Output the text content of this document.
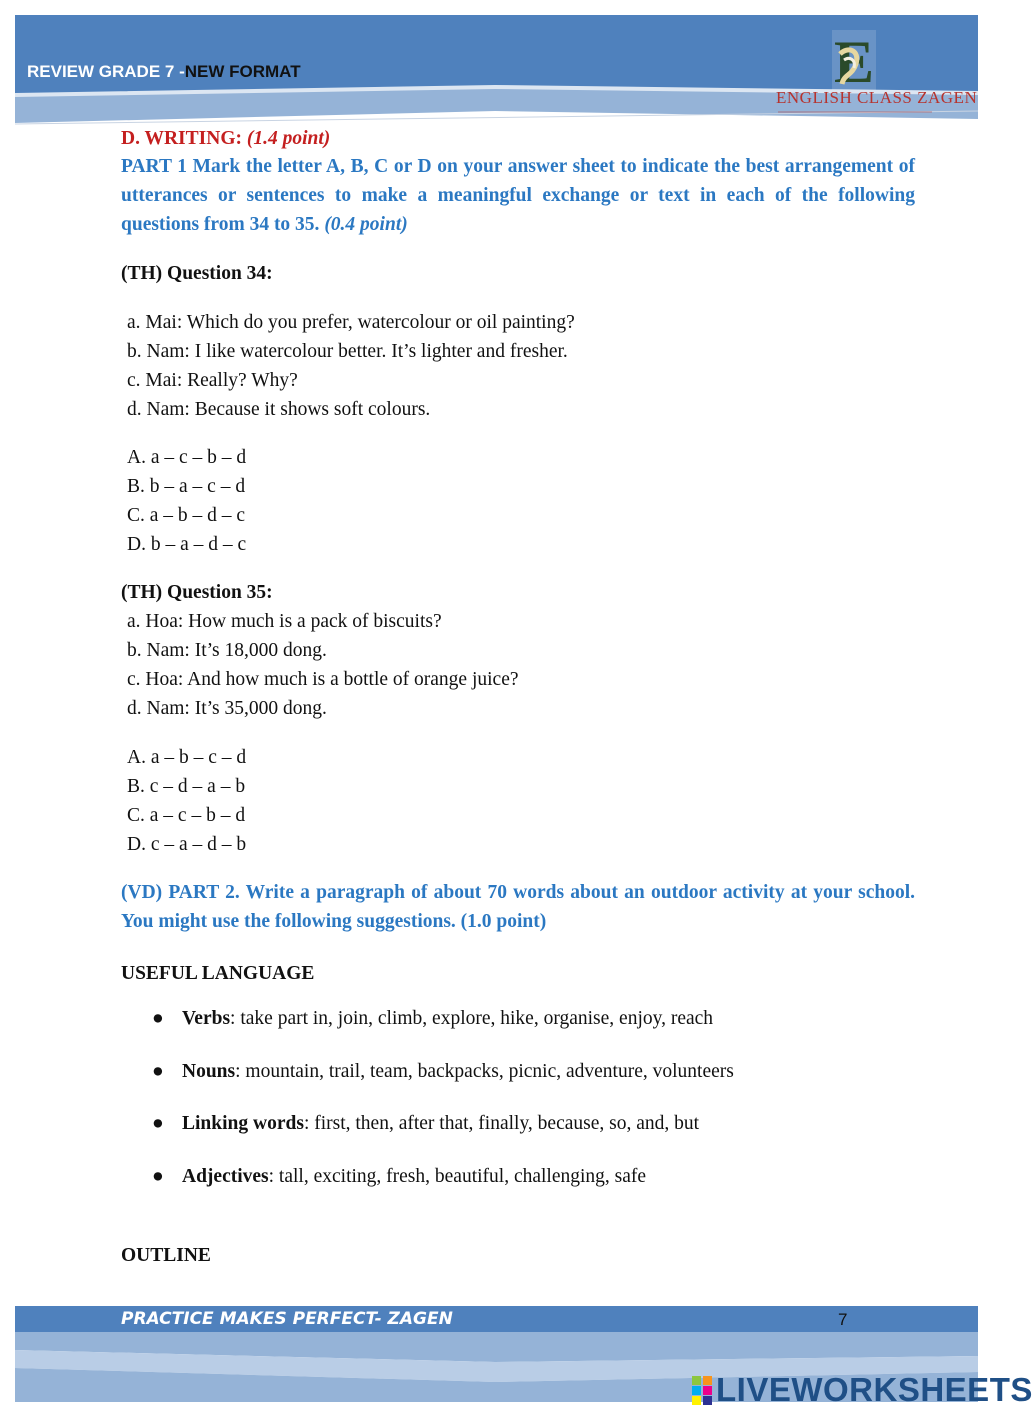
REVIEW GRADE 7 -NEW FORMAT	E
ENGLISH CLASS ZAGEN
D. WRITING: (1.4 point)
PART 1 Mark the letter A, B, C or D on your answer sheet to indicate the best arrangement of utterances or sentences to make a meaningful exchange or text in each of the following questions from 34 to 35. (0.4 point)
(TH) Question 34:
a. Mai: Which do you prefer, watercolour or oil painting?
b. Nam: I like watercolour better. It’s lighter and fresher.
c. Mai: Really? Why?
d. Nam: Because it shows soft colours.
A. a – c – b – d
B. b – a – c – d
C. a – b – d – c
D. b – a – d – c
(TH) Question 35:
a. Hoa: How much is a pack of biscuits?
b. Nam: It’s 18,000 dong.
c. Hoa: And how much is a bottle of orange juice?
d. Nam: It’s 35,000 dong.
A. a – b – c – d
B. c – d – a – b
C. a – c – b – d
D. c – a – d – b
(VD) PART 2. Write a paragraph of about 70 words about an outdoor activity at your school. You might use the following suggestions. (1.0 point)
USEFUL LANGUAGE
● Verbs: take part in, join, climb, explore, hike, organise, enjoy, reach
● Nouns: mountain, trail, team, backpacks, picnic, adventure, volunteers
● Linking words: first, then, after that, finally, because, so, and, but
● Adjectives: tall, exciting, fresh, beautiful, challenging, safe
OUTLINE
PRACTICE MAKES PERFECT- ZAGEN	7
LIVEWORKSHEETS
